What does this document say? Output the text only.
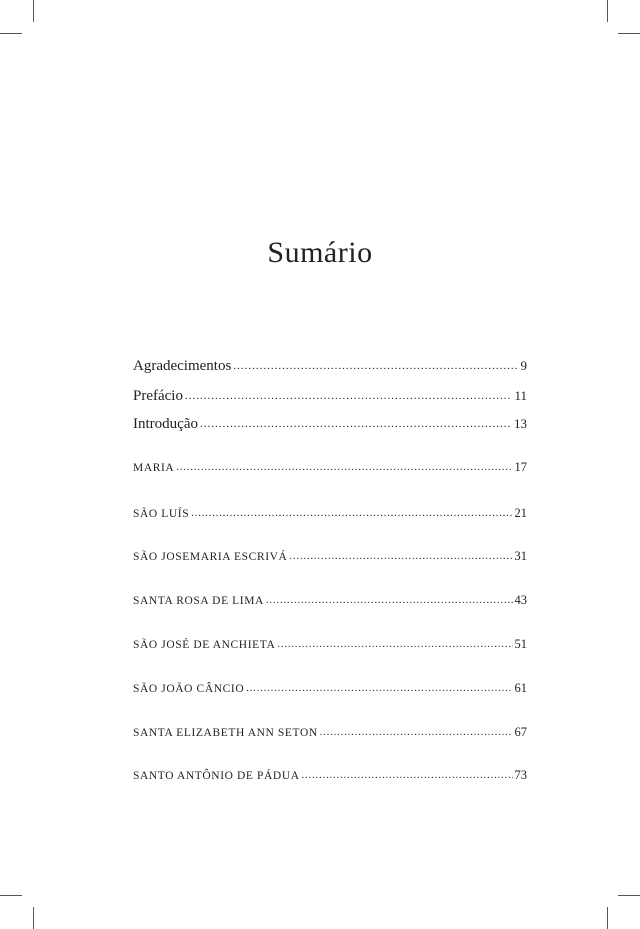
Sumário
Agradecimentos .....	9
Prefácio .....	11
Introdução .....	13
MARIA .....	17
SÃO LUÍS .....	21
SÃO JOSEMARIA ESCRIVÁ .....	31
SANTA ROSA DE LIMA .....	43
SÃO JOSÉ DE ANCHIETA .....	51
SÃO JOÃO CÂNCIO .....	61
SANTA ELIZABETH ANN SETON .....	67
SANTO ANTÔNIO DE PÁDUA .....	73
